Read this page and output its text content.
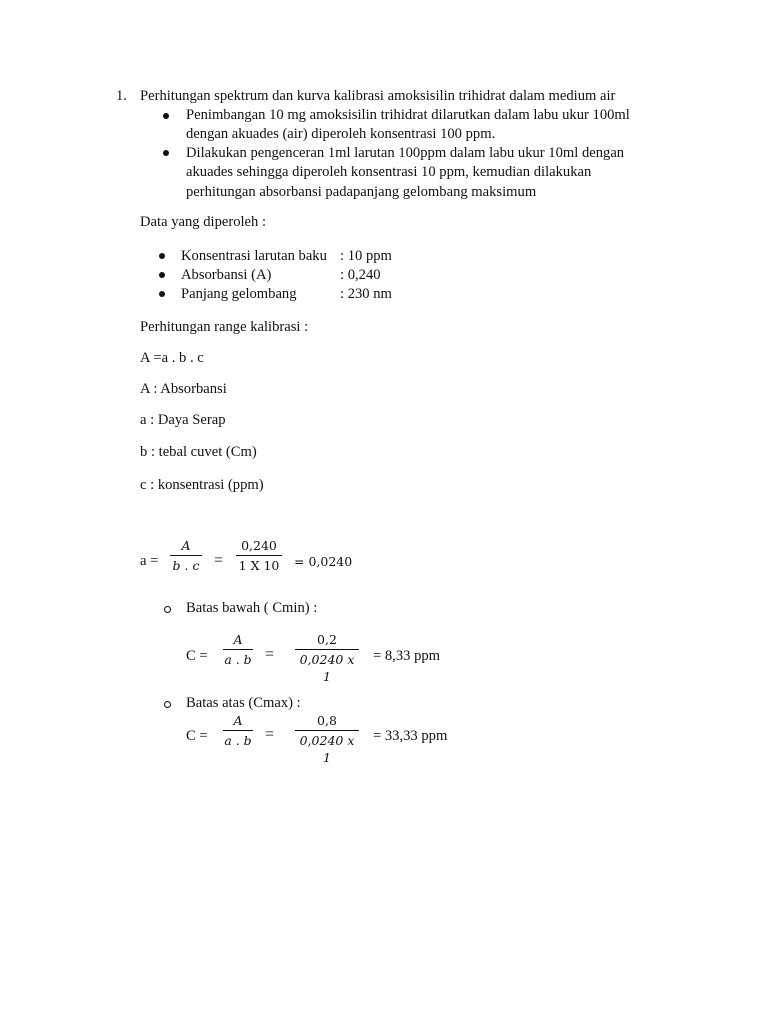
1. Perhitungan spektrum dan kurva kalibrasi amoksisilin trihidrat dalam medium air
Penimbangan 10 mg amoksisilin trihidrat dilarutkan dalam labu ukur 100ml
dengan akuades (air) diperoleh konsentrasi 100 ppm.
Dilakukan pengenceran 1ml larutan 100ppm dalam labu ukur 10ml dengan
akuades sehingga diperoleh konsentrasi 10 ppm, kemudian dilakukan
perhitungan absorbansi padapanjang gelombang maksimum
Data yang diperoleh :
Konsentrasi larutan baku : 10 ppm
Absorbansi (A)	: 0,240
Panjang gelombang	: 230 nm
Perhitungan range kalibrasi :
A =a . b . c
A : Absorbansi
a : Daya Serap
b : tebal cuvet (Cm)
c : konsentrasi (ppm)
a =
A
b . c =
0,240
1 X 10 = 0,0240
Batas bawah ( Cmin) :
C =
A
a . b =
0,2
0,0240 x 1
= 8,33 ppm
Batas atas (Cmax) :
C =
A
a . b =
0,8
0,0240 x 1
= 33,33 ppm
